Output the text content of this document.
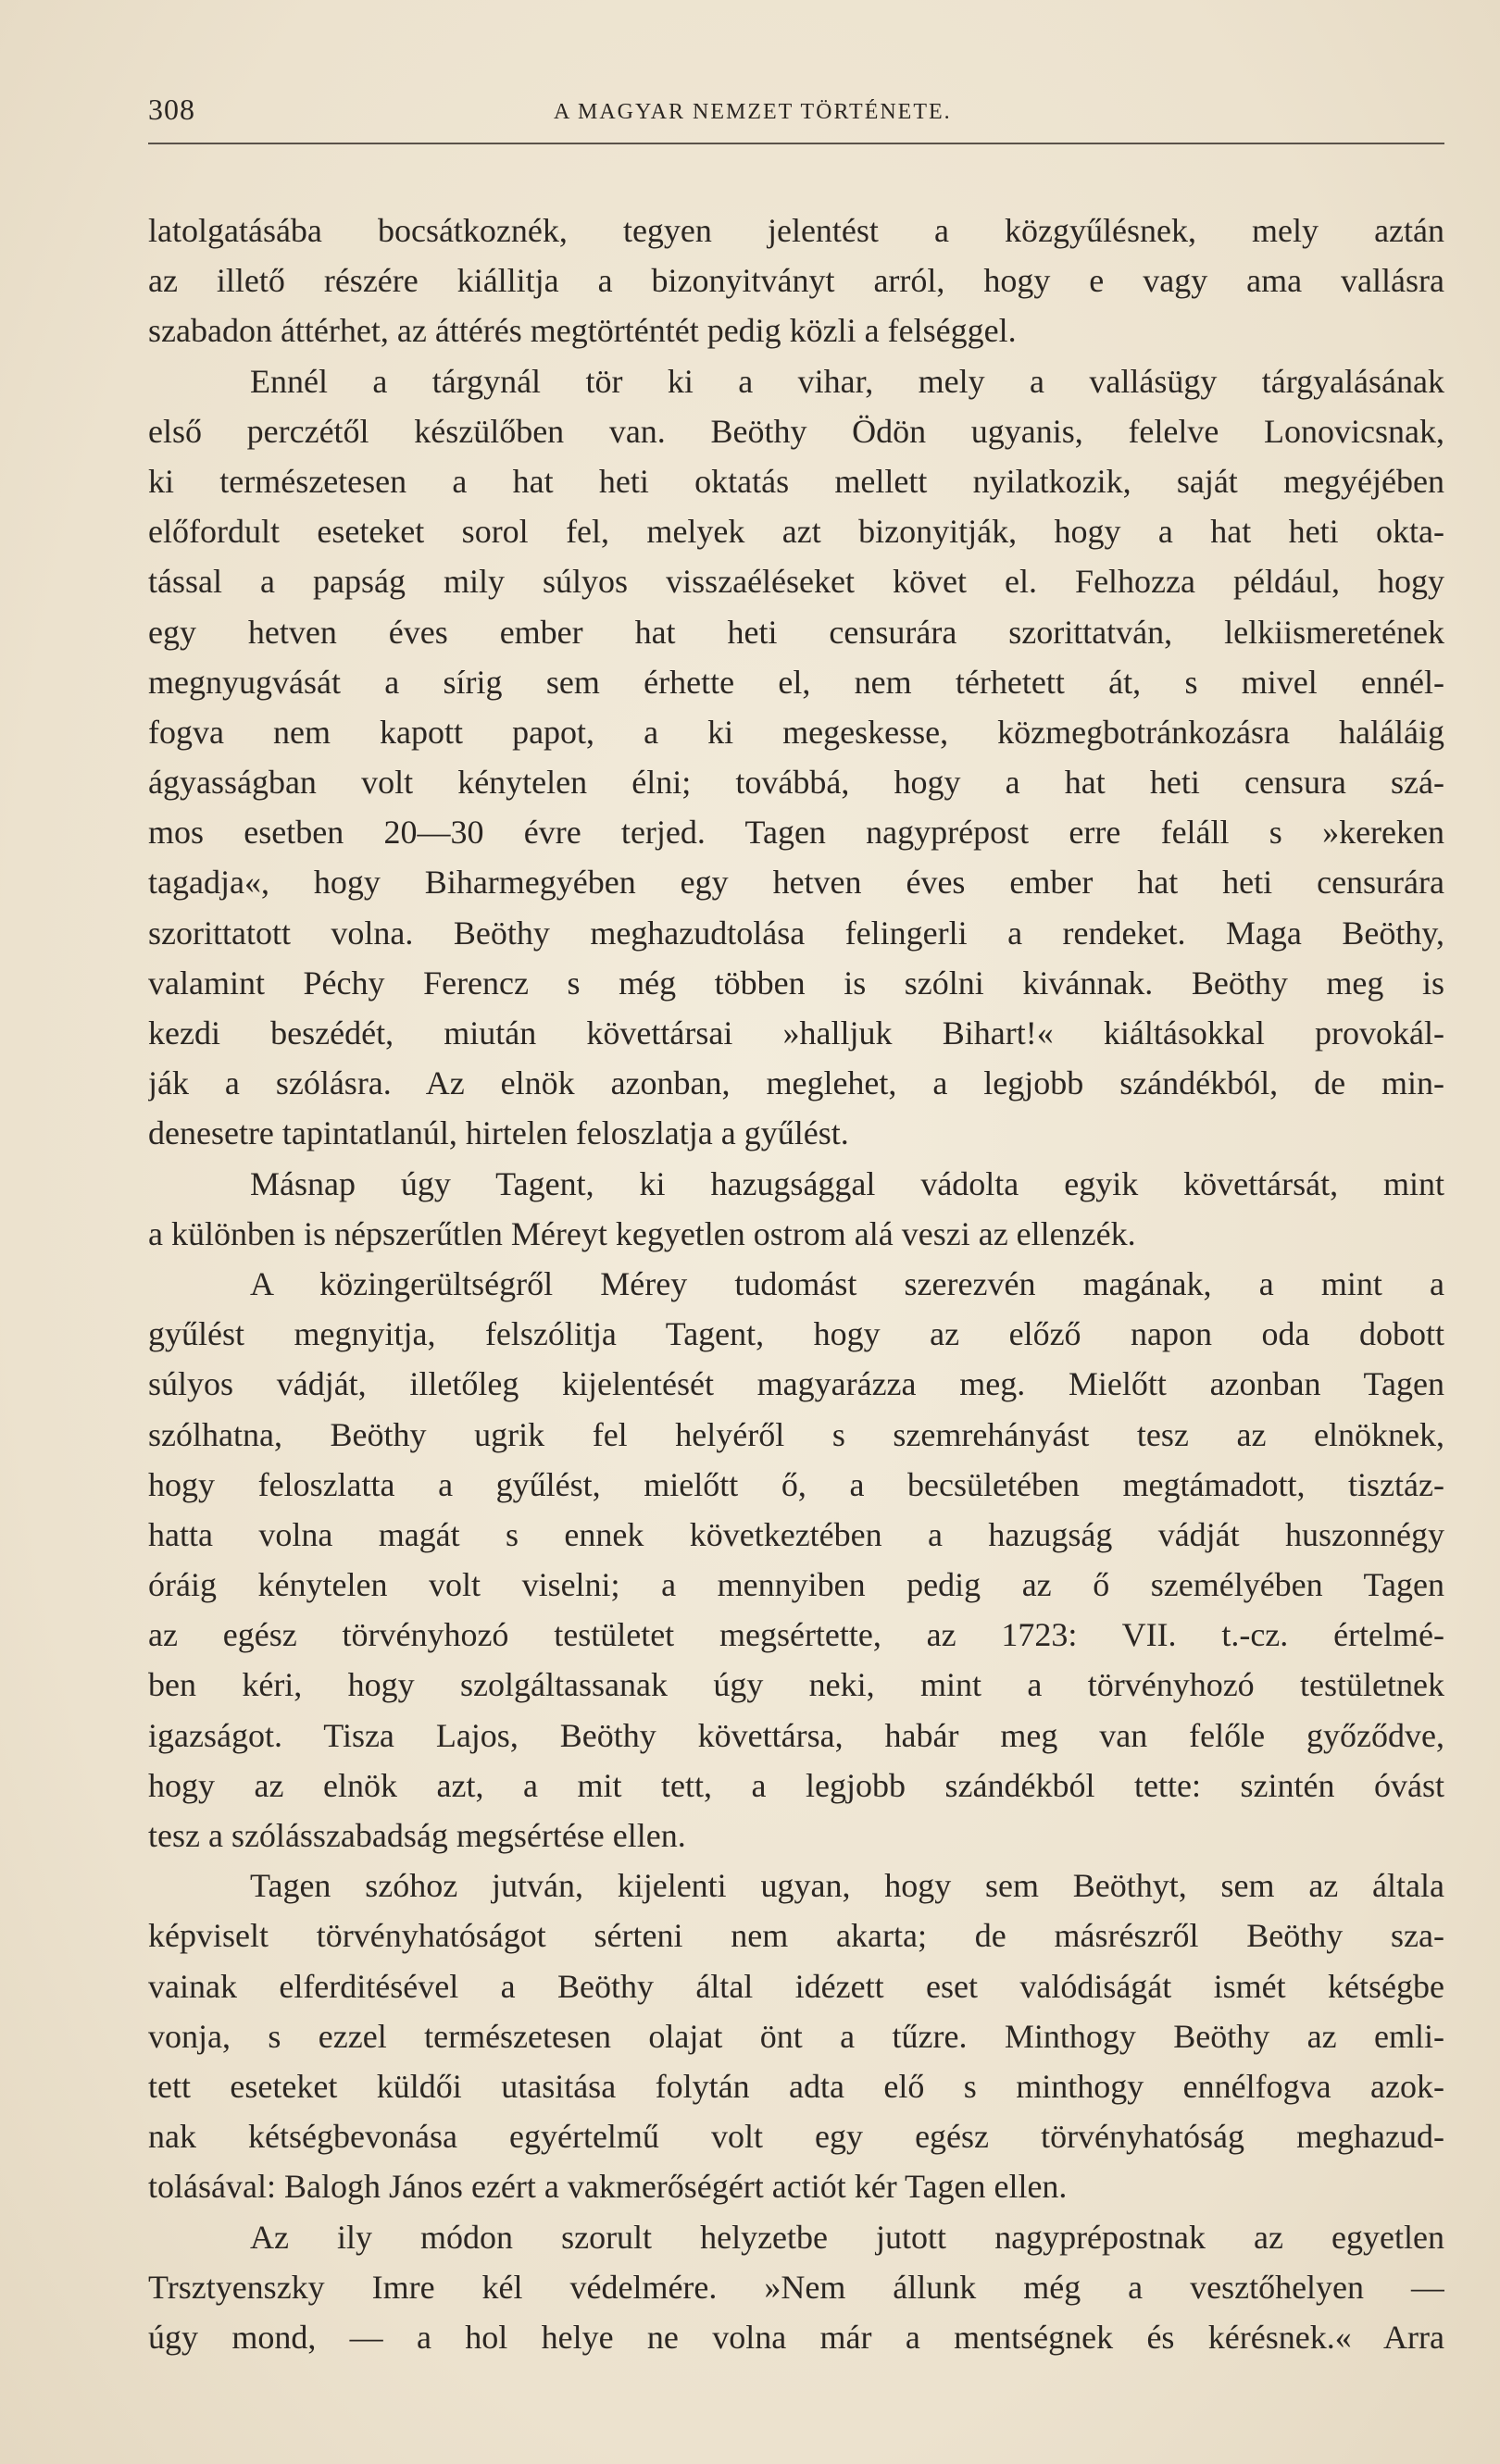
308	A MAGYAR NEMZET TÖRTÉNETE.
latolgatásába bocsátkoznék, tegyen jelentést a közgyűlésnek, mely aztán
az illető részére kiállitja a bizonyitványt arról, hogy e vagy ama vallásra
szabadon áttérhet, az áttérés megtörténtét pedig közli a felséggel.
Ennél a tárgynál tör ki a vihar, mely a vallásügy tárgyalásának
első perczétől készülőben van. Beöthy Ödön ugyanis, felelve Lonovicsnak,
ki természetesen a hat heti oktatás mellett nyilatkozik, saját megyéjében
előfordult eseteket sorol fel, melyek azt bizonyitják, hogy a hat heti okta-
tással a papság mily súlyos visszaéléseket követ el. Felhozza például, hogy
egy hetven éves ember hat heti censurára szorittatván, lelkiismeretének
megnyugvását a sírig sem érhette el, nem térhetett át, s mivel ennél-
fogva nem kapott papot, a ki megeskesse, közmegbotránkozásra haláláig
ágyasságban volt kénytelen élni; továbbá, hogy a hat heti censura szá-
mos esetben 20—30 évre terjed. Tagen nagyprépost erre feláll s »kereken
tagadja«, hogy Biharmegyében egy hetven éves ember hat heti censurára
szorittatott volna. Beöthy meghazudtolása felingerli a rendeket. Maga Beöthy,
valamint Péchy Ferencz s még többen is szólni kivánnak. Beöthy meg is
kezdi beszédét, miután követtársai »halljuk Bihart!« kiáltásokkal provokál-
ják a szólásra. Az elnök azonban, meglehet, a legjobb szándékból, de min-
denesetre tapintatlanúl, hirtelen feloszlatja a gyűlést.
Másnap úgy Tagent, ki hazugsággal vádolta egyik követtársát, mint
a különben is népszerűtlen Méreyt kegyetlen ostrom alá veszi az ellenzék.
A közingerültségről Mérey tudomást szerezvén magának, a mint a
gyűlést megnyitja, felszólitja Tagent, hogy az előző napon oda dobott
súlyos vádját, illetőleg kijelentését magyarázza meg. Mielőtt azonban Tagen
szólhatna, Beöthy ugrik fel helyéről s szemrehányást tesz az elnöknek,
hogy feloszlatta a gyűlést, mielőtt ő, a becsületében megtámadott, tisztáz-
hatta volna magát s ennek következtében a hazugság vádját huszonnégy
óráig kénytelen volt viselni; a mennyiben pedig az ő személyében Tagen
az egész törvényhozó testületet megsértette, az 1723: VII. t.-cz. értelmé-
ben kéri, hogy szolgáltassanak úgy neki, mint a törvényhozó testületnek
igazságot. Tisza Lajos, Beöthy követtársa, habár meg van felőle győződve,
hogy az elnök azt, a mit tett, a legjobb szándékból tette: szintén óvást
tesz a szólásszabadság megsértése ellen.
Tagen szóhoz jutván, kijelenti ugyan, hogy sem Beöthyt, sem az általa
képviselt törvényhatóságot sérteni nem akarta; de másrészről Beöthy sza-
vainak elferditésével a Beöthy által idézett eset valódiságát ismét kétségbe
vonja, s ezzel természetesen olajat önt a tűzre. Minthogy Beöthy az emli-
tett eseteket küldői utasitása folytán adta elő s minthogy ennélfogva azok-
nak kétségbevonása egyértelmű volt egy egész törvényhatóság meghazud-
tolásával: Balogh János ezért a vakmerőségért actiót kér Tagen ellen.
Az ily módon szorult helyzetbe jutott nagyprépostnak az egyetlen
Trsztyenszky Imre kél védelmére. »Nem állunk még a vesztőhelyen —
úgy mond, — a hol helye ne volna már a mentségnek és kérésnek.« Arra
